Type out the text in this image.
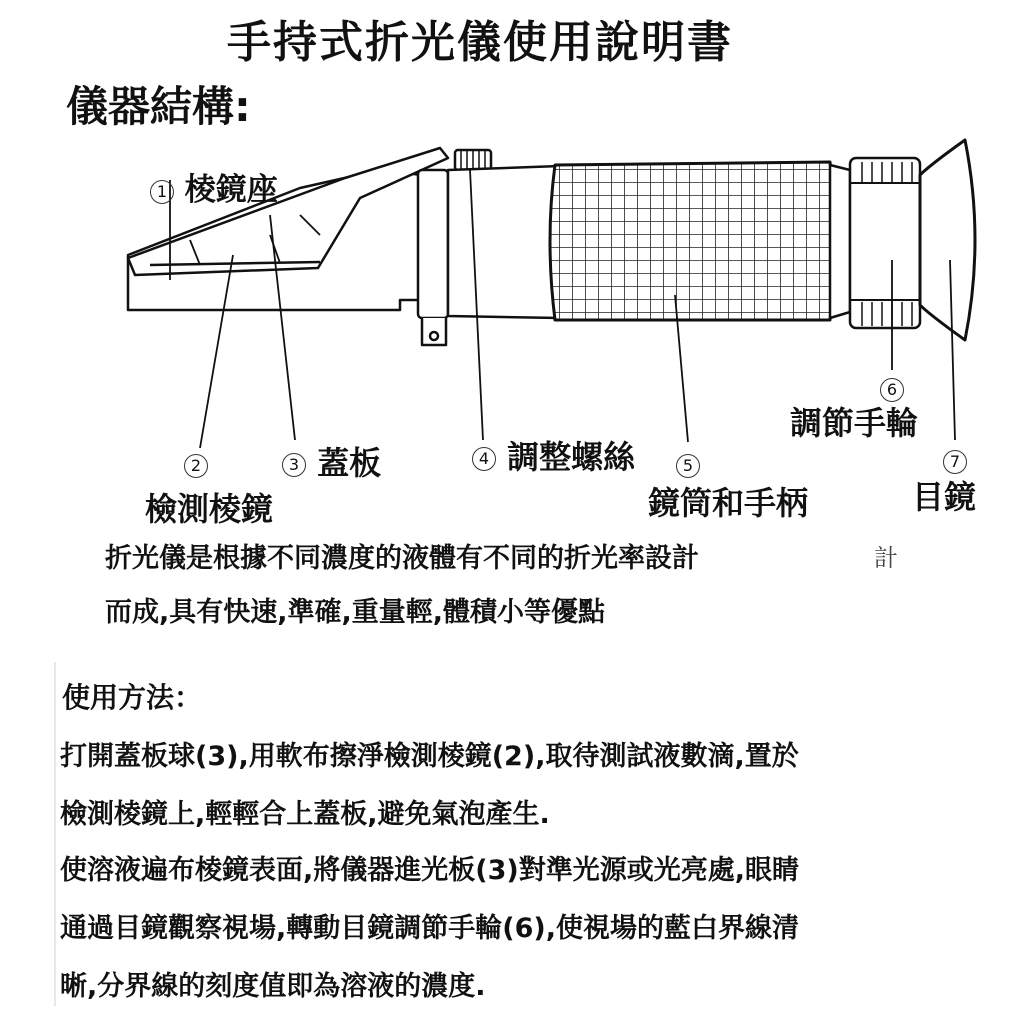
手持式折光儀使用說明書
儀器結構:
1 棱鏡座
2
檢測棱鏡
3 蓋板	4 調整螺絲	5
鏡筒和手柄
6
調節手輪
7
目鏡
折光儀是根據不同濃度的液體有不同的折光率設計	計
而成,具有快速,準確,重量輕,體積小等優點
使用方法：
打開蓋板球(3),用軟布擦淨檢測棱鏡(2),取待測試液數滴,置於
檢測棱鏡上,輕輕合上蓋板,避免氣泡產生.
使溶液遍布棱鏡表面,將儀器進光板(3)對準光源或光亮處,眼睛
通過目鏡觀察視場,轉動目鏡調節手輪(6),使視場的藍白界線清
晰,分界線的刻度值即為溶液的濃度.
